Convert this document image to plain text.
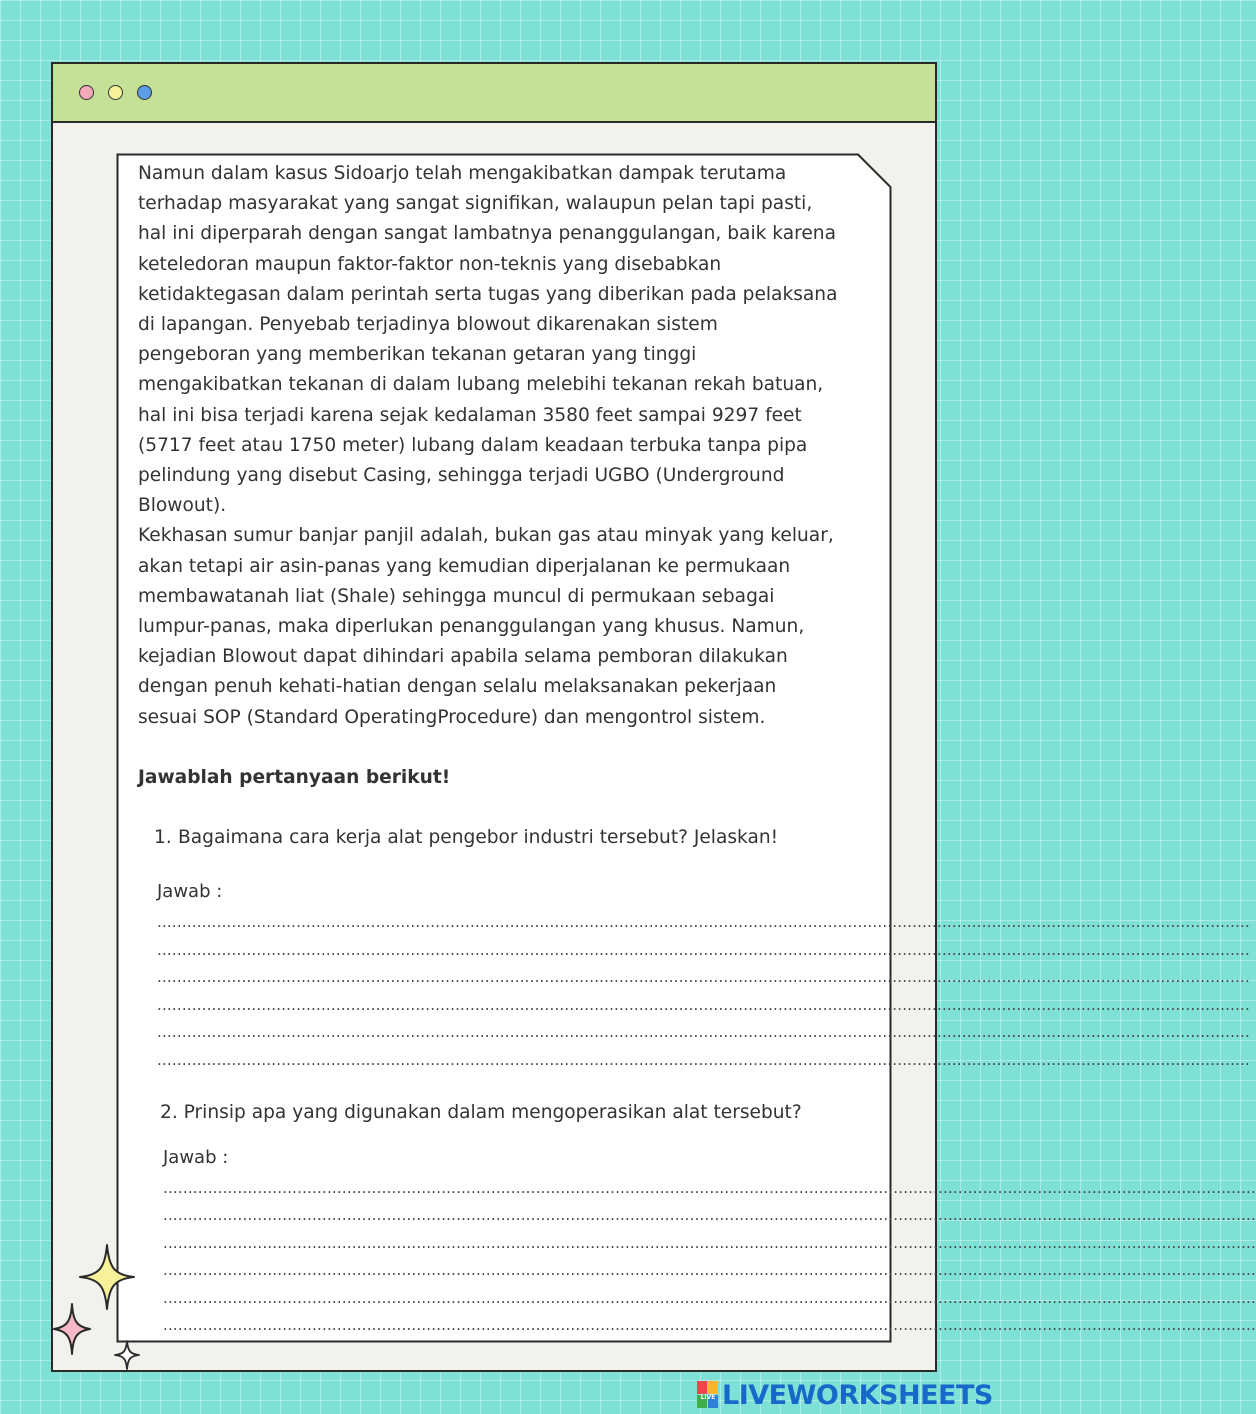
Namun dalam kasus Sidoarjo telah mengakibatkan dampak terutama
terhadap masyarakat yang sangat signifikan, walaupun pelan tapi pasti,
hal ini diperparah dengan sangat lambatnya penanggulangan, baik karena
keteledoran maupun faktor-faktor non-teknis yang disebabkan
ketidaktegasan dalam perintah serta tugas yang diberikan pada pelaksana
di lapangan. Penyebab terjadinya blowout dikarenakan sistem
pengeboran yang memberikan tekanan getaran yang tinggi
mengakibatkan tekanan di dalam lubang melebihi tekanan rekah batuan,
hal ini bisa terjadi karena sejak kedalaman 3580 feet sampai 9297 feet
(5717 feet atau 1750 meter) lubang dalam keadaan terbuka tanpa pipa
pelindung yang disebut Casing, sehingga terjadi UGBO (Underground
Blowout).
Kekhasan sumur banjar panjil adalah, bukan gas atau minyak yang keluar,
akan tetapi air asin-panas yang kemudian diperjalanan ke permukaan
membawatanah liat (Shale) sehingga muncul di permukaan sebagai
lumpur-panas, maka diperlukan penanggulangan yang khusus. Namun,
kejadian Blowout dapat dihindari apabila selama pemboran dilakukan
dengan penuh kehati-hatian dengan selalu melaksanakan pekerjaan
sesuai SOP (Standard OperatingProcedure) dan mengontrol sistem.

Jawablah pertanyaan berikut!

1. Bagaimana cara kerja alat pengebor industri tersebut? Jelaskan!

Jawab :

............................................................................................................................................................................................................................
............................................................................................................................................................................................................................
............................................................................................................................................................................................................................
............................................................................................................................................................................................................................
............................................................................................................................................................................................................................
............................................................................................................................................................................................................................

2. Prinsip apa yang digunakan dalam mengoperasikan alat tersebut?

Jawab :

............................................................................................................................................................................................................................
............................................................................................................................................................................................................................
............................................................................................................................................................................................................................
............................................................................................................................................................................................................................
............................................................................................................................................................................................................................
............................................................................................................................................................................................................................
LIVE LIVEWORKSHEETS
